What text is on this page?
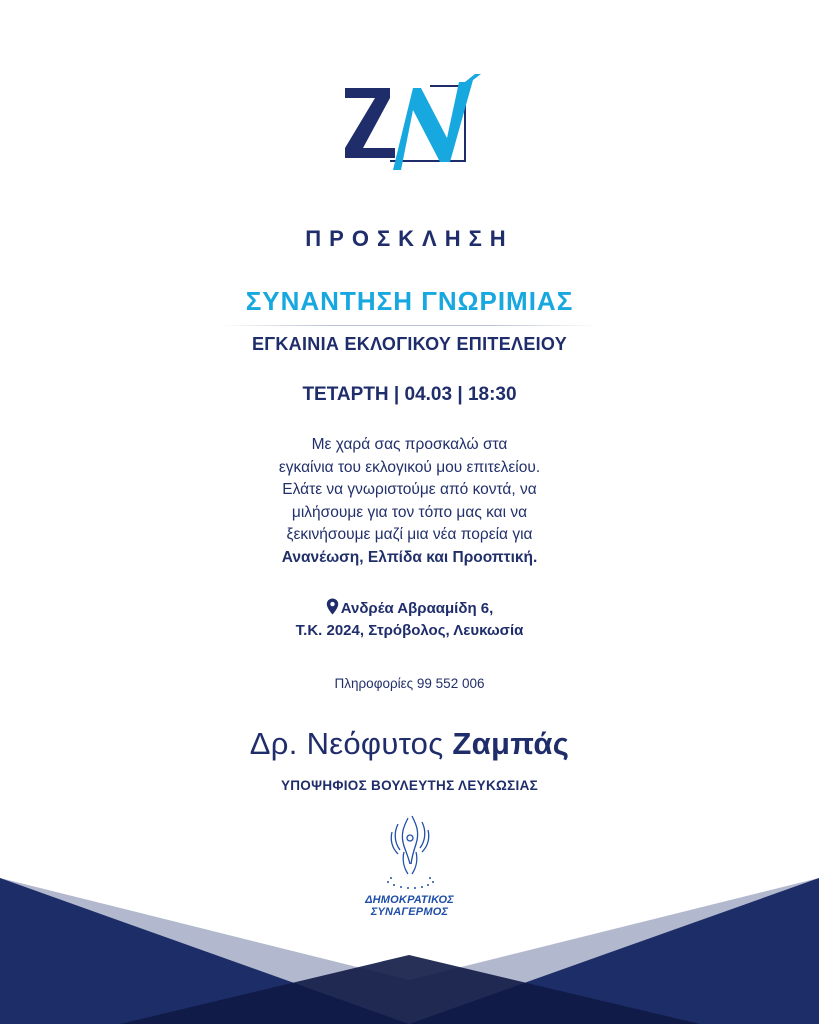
ΠΡΟΣΚΛΗΣΗ
ΣΥΝΑΝΤΗΣΗ ΓΝΩΡΙΜΙΑΣ
ΕΓΚΑΙΝΙΑ ΕΚΛΟΓΙΚΟΥ ΕΠΙΤΕΛΕΙΟΥ
ΤΕΤΑΡΤΗ | 04.03 | 18:30
Με χαρά σας προσκαλώ στα
εγκαίνια του εκλογικού μου επιτελείου.
Ελάτε να γνωριστούμε από κοντά, να
μιλήσουμε για τον τόπο μας και να
ξεκινήσουμε μαζί μια νέα πορεία για
Ανανέωση, Ελπίδα και Προοπτική.
Ανδρέα Αβρααμίδη 6,
Τ.Κ. 2024, Στρόβολος, Λευκωσία
Πληροφορίες 99 552 006
Δρ. Νεόφυτος Ζαμπάς
ΥΠΟΨΗΦΙΟΣ ΒΟΥΛΕΥΤΗΣ ΛΕΥΚΩΣΙΑΣ
ΔΗΜΟΚΡΑΤΙΚΟΣ
ΣΥΝΑΓΕΡΜΟΣ
